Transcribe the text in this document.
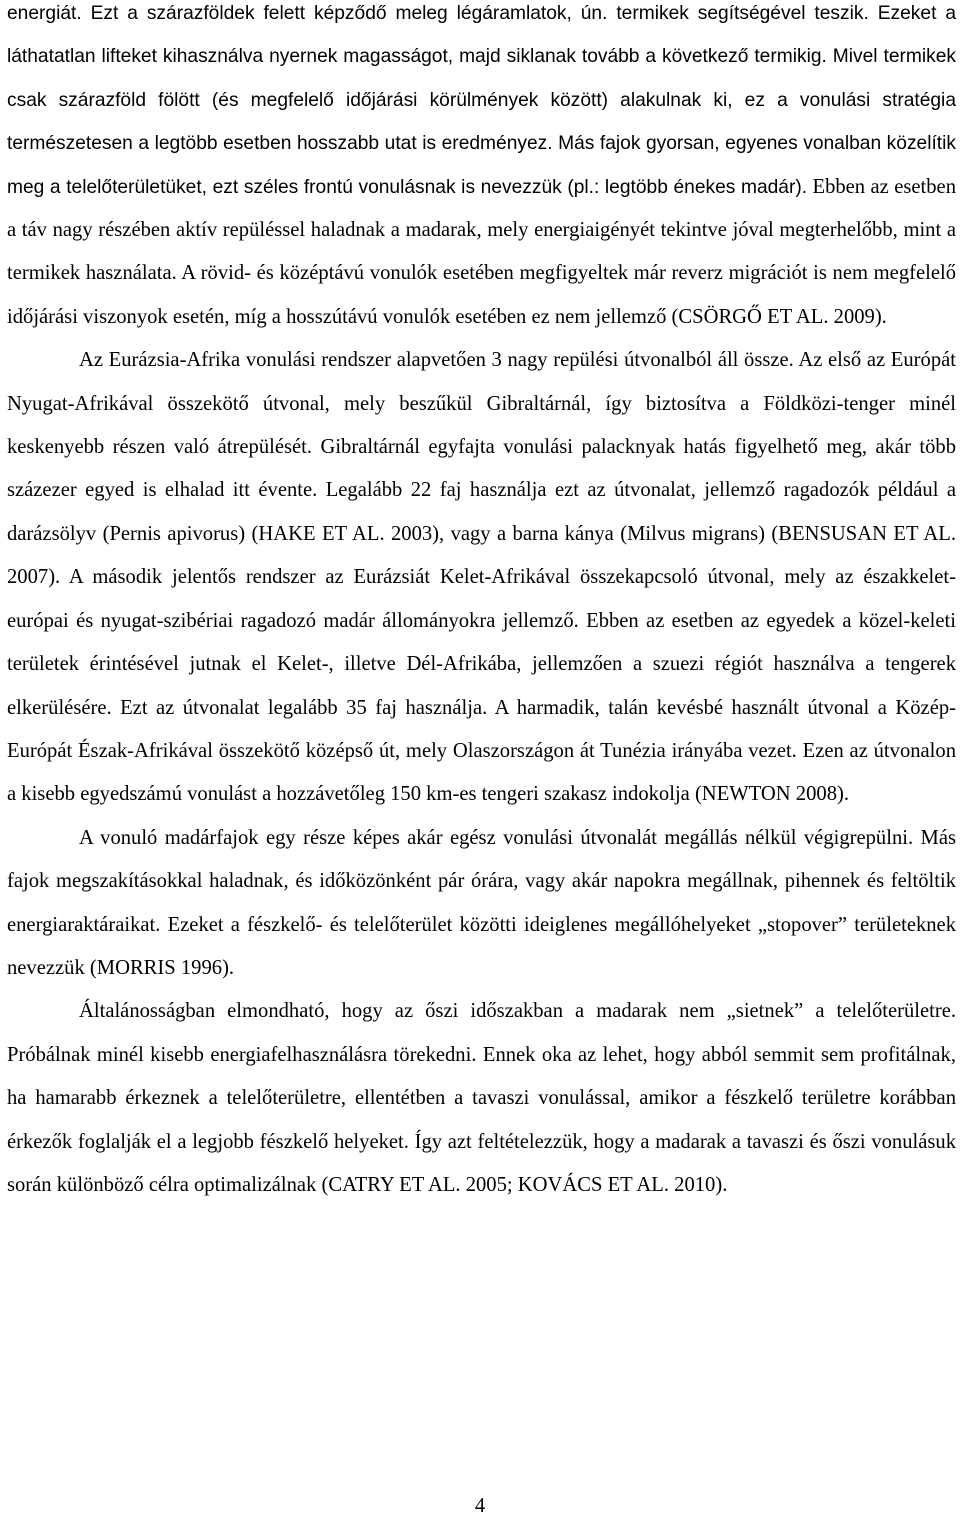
energiát. Ezt a szárazföldek felett képződő meleg légáramlatok, ún. termikek segítségével teszik. Ezeket a láthatatlan lifteket kihasználva nyernek magasságot, majd siklanak tovább a következő termikig. Mivel termikek csak szárazföld fölött (és megfelelő időjárási körülmények között) alakulnak ki, ez a vonulási stratégia természetesen a legtöbb esetben hosszabb utat is eredményez. Más fajok gyorsan, egyenes vonalban közelítik meg a telelőterületüket, ezt széles frontú vonulásnak is nevezzük (pl.: legtöbb énekes madár). Ebben az esetben a táv nagy részében aktív repüléssel haladnak a madarak, mely energiaigényét tekintve jóval megterhelőbb, mint a termikek használata. A rövid- és középtávú vonulók esetében megfigyeltek már reverz migrációt is nem megfelelő időjárási viszonyok esetén, míg a hosszútávú vonulók esetében ez nem jellemző (CSÖRGŐ ET AL. 2009).

Az Eurázsia-Afrika vonulási rendszer alapvetően 3 nagy repülési útvonalból áll össze. Az első az Európát Nyugat-Afrikával összekötő útvonal, mely beszűkül Gibraltárnál, így biztosítva a Földközi-tenger minél keskenyebb részen való átrepülését. Gibraltárnál egyfajta vonulási palacknyak hatás figyelhető meg, akár több százezer egyed is elhalad itt évente. Legalább 22 faj használja ezt az útvonalat, jellemző ragadozók például a darázsölyv (Pernis apivorus) (HAKE ET AL. 2003), vagy a barna kánya (Milvus migrans) (BENSUSAN ET AL. 2007). A második jelentős rendszer az Eurázsiát Kelet-Afrikával összekapcsoló útvonal, mely az északkelet-európai és nyugat-szibériai ragadozó madár állományokra jellemző. Ebben az esetben az egyedek a közel-keleti területek érintésével jutnak el Kelet-, illetve Dél-Afrikába, jellemzően a szuezi régiót használva a tengerek elkerülésére. Ezt az útvonalat legalább 35 faj használja. A harmadik, talán kevésbé használt útvonal a Közép-Európát Észak-Afrikával összekötő középső út, mely Olaszországon át Tunézia irányába vezet. Ezen az útvonalon a kisebb egyedszámú vonulást a hozzávetőleg 150 km-es tengeri szakasz indokolja (NEWTON 2008).

A vonuló madárfajok egy része képes akár egész vonulási útvonalát megállás nélkül végigrepülni. Más fajok megszakításokkal haladnak, és időközönként pár órára, vagy akár napokra megállnak, pihennek és feltöltik energiaraktáraikat. Ezeket a fészkelő- és telelőterület közötti ideiglenes megállóhelyeket „stopover” területeknek nevezzük (MORRIS 1996).

Általánosságban elmondható, hogy az őszi időszakban a madarak nem „sietnek” a telelőterületre. Próbálnak minél kisebb energiafelhasználásra törekedni. Ennek oka az lehet, hogy abból semmit sem profitálnak, ha hamarabb érkeznek a telelőterületre, ellentétben a tavaszi vonulással, amikor a fészkelő területre korábban érkezők foglalják el a legjobb fészkelő helyeket. Így azt feltételezzük, hogy a madarak a tavaszi és őszi vonulásuk során különböző célra optimalizálnak (CATRY ET AL. 2005; KOVÁCS ET AL. 2010).

4
